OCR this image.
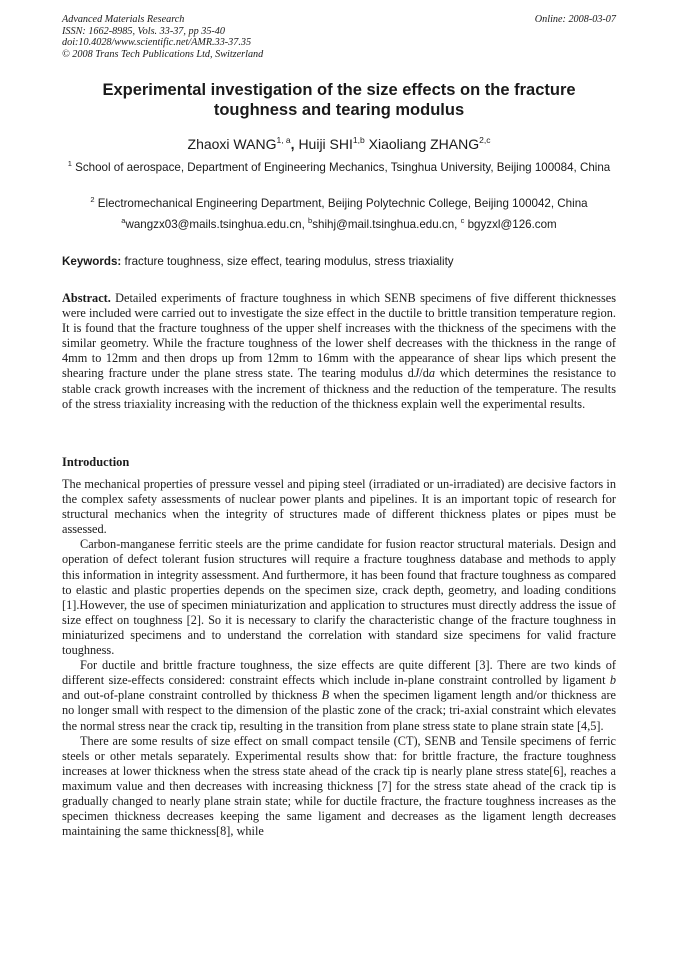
Advanced Materials Research
ISSN: 1662-8985, Vols. 33-37, pp 35-40
doi:10.4028/www.scientific.net/AMR.33-37.35
© 2008 Trans Tech Publications Ltd, Switzerland
Online: 2008-03-07
Experimental investigation of the size effects on the fracture toughness and tearing modulus
Zhaoxi WANG$^{1, a}$, Huiji SHI$^{1,b}$ Xiaoliang ZHANG$^{2,c}$
$^1$ School of aerospace, Department of Engineering Mechanics, Tsinghua University, Beijing 100084, China
$^2$ Electromechanical Engineering Department, Beijing Polytechnic College, Beijing 100042, China
$^a$wangzx03@mails.tsinghua.edu.cn, $^b$shihj@mail.tsinghua.edu.cn, $^c$ bgyzxl@126.com
Keywords: fracture toughness, size effect, tearing modulus, stress triaxiality
Abstract. Detailed experiments of fracture toughness in which SENB specimens of five different thicknesses were included were carried out to investigate the size effect in the ductile to brittle transition temperature region. It is found that the fracture toughness of the upper shelf increases with the thickness of the specimens with the similar geometry. While the fracture toughness of the lower shelf decreases with the thickness in the range of 4mm to 12mm and then drops up from 12mm to 16mm with the appearance of shear lips which present the shearing fracture under the plane stress state. The tearing modulus dJ/da which determines the resistance to stable crack growth increases with the increment of thickness and the reduction of the temperature. The results of the stress triaxiality increasing with the reduction of the thickness explain well the experimental results.
Introduction

The mechanical properties of pressure vessel and piping steel (irradiated or un-irradiated) are decisive factors in the complex safety assessments of nuclear power plants and pipelines. It is an important topic of research for structural mechanics when the integrity of structures made of different thickness plates or pipes must be assessed.

Carbon-manganese ferritic steels are the prime candidate for fusion reactor structural materials. Design and operation of defect tolerant fusion structures will require a fracture toughness database and methods to apply this information in integrity assessment. And furthermore, it has been found that fracture toughness as compared to elastic and plastic properties depends on the specimen size, crack depth, geometry, and loading conditions [1].However, the use of specimen miniaturization and application to structures must directly address the issue of size effect on toughness [2]. So it is necessary to clarify the characteristic change of the fracture toughness in miniaturized specimens and to understand the correlation with standard size specimens for valid fracture toughness.

For ductile and brittle fracture toughness, the size effects are quite different [3]. There are two kinds of different size-effects considered: constraint effects which include in-plane constraint controlled by ligament b and out-of-plane constraint controlled by thickness B when the specimen ligament length and/or thickness are no longer small with respect to the dimension of the plastic zone of the crack; tri-axial constraint which elevates the normal stress near the crack tip, resulting in the transition from plane stress state to plane strain state [4,5].

There are some results of size effect on small compact tensile (CT), SENB and Tensile specimens of ferric steels or other metals separately. Experimental results show that: for brittle fracture, the fracture toughness increases at lower thickness when the stress state ahead of the crack tip is nearly plane stress state[6], reaches a maximum value and then decreases with increasing thickness [7] for the stress state ahead of the crack tip is gradually changed to nearly plane strain state; while for ductile fracture, the fracture toughness increases as the specimen thickness decreases keeping the same ligament and decreases as the ligament length decreases maintaining the same thickness[8], while
